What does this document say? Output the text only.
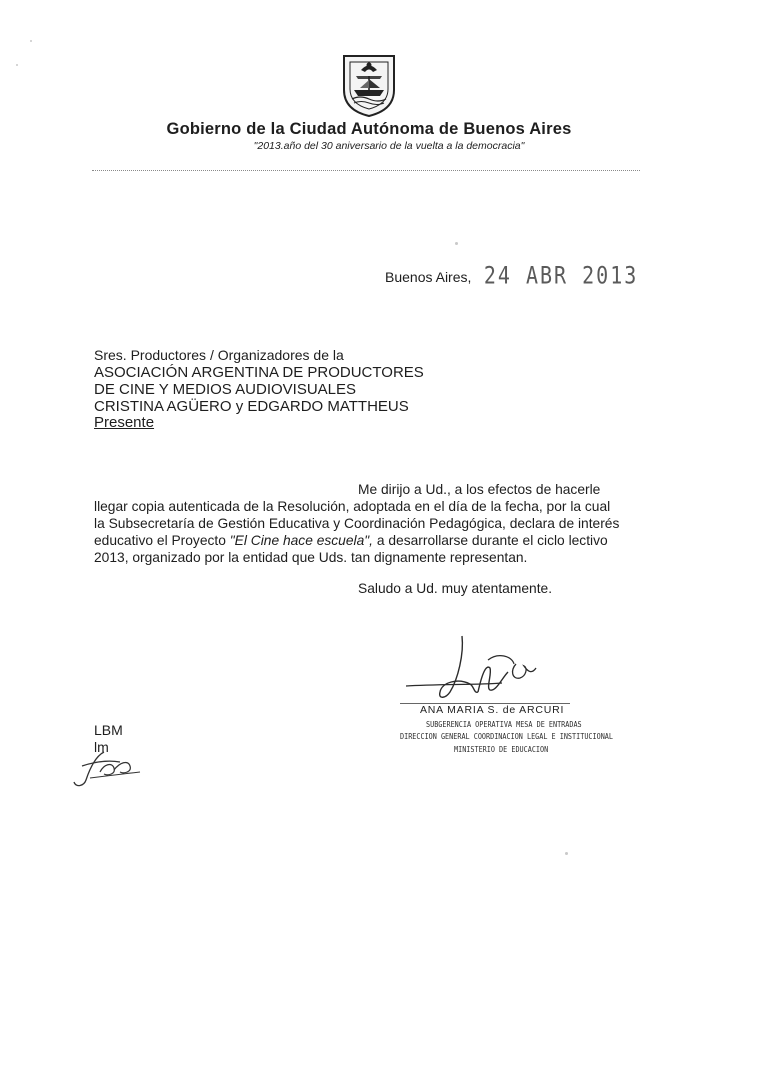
Gobierno de la Ciudad Autónoma de Buenos Aires
"2013.año del 30 aniversario de la vuelta a la democracia"
Buenos Aires, 24 ABR 2013
Sres. Productores / Organizadores de la
ASOCIACIÓN ARGENTINA DE PRODUCTORES
DE CINE Y MEDIOS AUDIOVISUALES
CRISTINA AGÜERO y EDGARDO MATTHEUS
Presente
Me dirijo a Ud., a los efectos de hacerle
llegar copia autenticada de la Resolución, adoptada en el día de la fecha, por la cual
la Subsecretaría de Gestión Educativa y Coordinación Pedagógica, declara de interés
educativo el Proyecto "El Cine hace escuela", a desarrollarse durante el ciclo lectivo
2013, organizado por la entidad que Uds. tan dignamente representan.
Saludo a Ud. muy atentamente.
ANA MARIA S. de ARCURI
SUBGERENCIA OPERATIVA MESA DE ENTRADAS
DIRECCION GENERAL COORDINACION LEGAL E INSTITUCIONAL
MINISTERIO DE EDUCACION
LBM
lm
